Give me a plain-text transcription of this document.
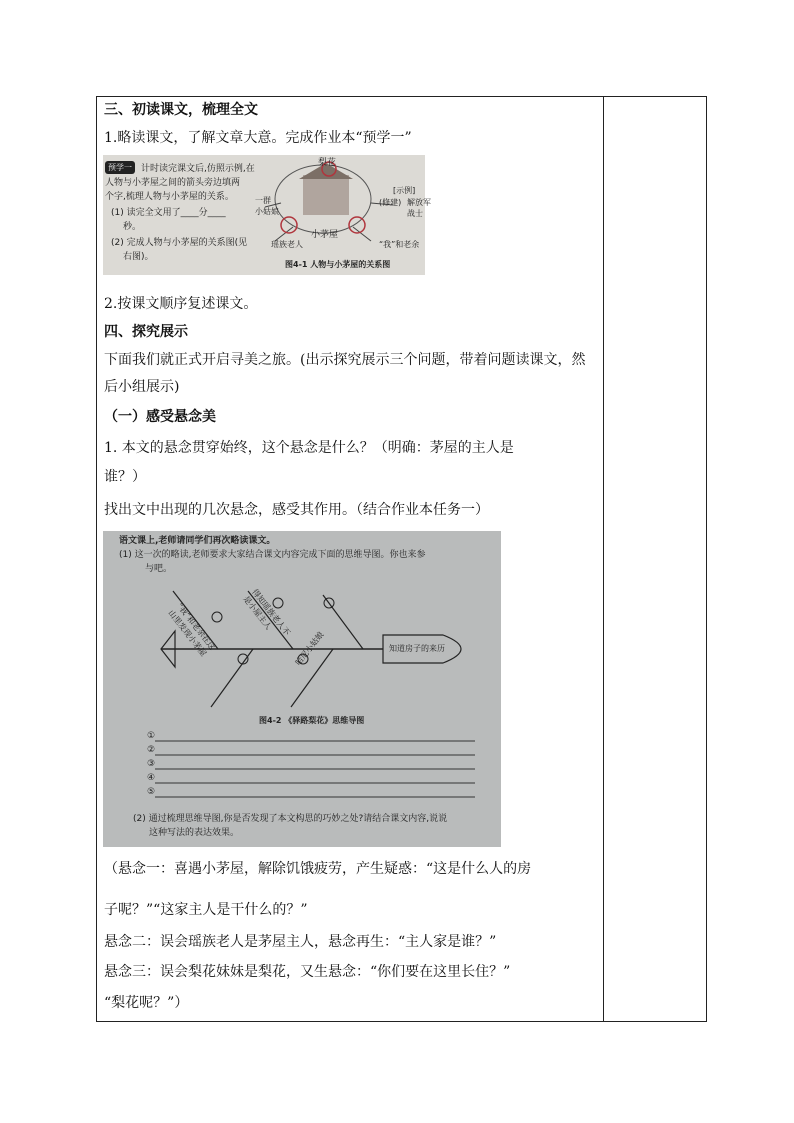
三、初读课文，梳理全文
1.略读课文，了解文章大意。完成作业本“预学一”
预学一	计时读完课文后,仿照示例,在
人物与小茅屋之间的箭头旁边填两
个字,梳理人物与小茅屋的关系。
(1) 读完全文用了____分____
秒。
(2) 完成人物与小茅屋的关系图(见
右图)。
梨花
一群
小姑娘
小茅屋
[示例]
(修建) 解放军
战士
瑶族老人	“我”和老余
图4-1 人物与小茅屋的关系图
2.按课文顺序复述课文。
四、探究展示
下面我们就正式开启寻美之旅。(出示探究展示三个问题，带着问题读课文，然
后小组展示)
（一）感受悬念美
1. 本文的悬念贯穿始终，这个悬念是什么？（明确：茅屋的主人是
谁？）
找出文中出现的几次悬念，感受其作用。（结合作业本任务一）
语文课上,老师请同学们再次略读课文。
(1) 这一次的略读,老师要求大家结合课文内容完成下面的思维导图。你也来参
与吧。
“我”和老余在这
山里发现小茅屋	得知瑶族老人不
是小屋主人
哈尼小姑娘	知道房子的来历
图4-2 《驿路梨花》思维导图
①
②
③
④
⑤
(2) 通过梳理思维导图,你是否发现了本文构思的巧妙之处?请结合课文内容,说说
这种写法的表达效果。
（悬念一：喜遇小茅屋，解除饥饿疲劳，产生疑惑：“这是什么人的房
子呢？”“这家主人是干什么的？”
悬念二：误会瑶族老人是茅屋主人，悬念再生：“主人家是谁？”
悬念三：误会梨花妹妹是梨花，又生悬念：“你们要在这里长住？”
“梨花呢？”）
